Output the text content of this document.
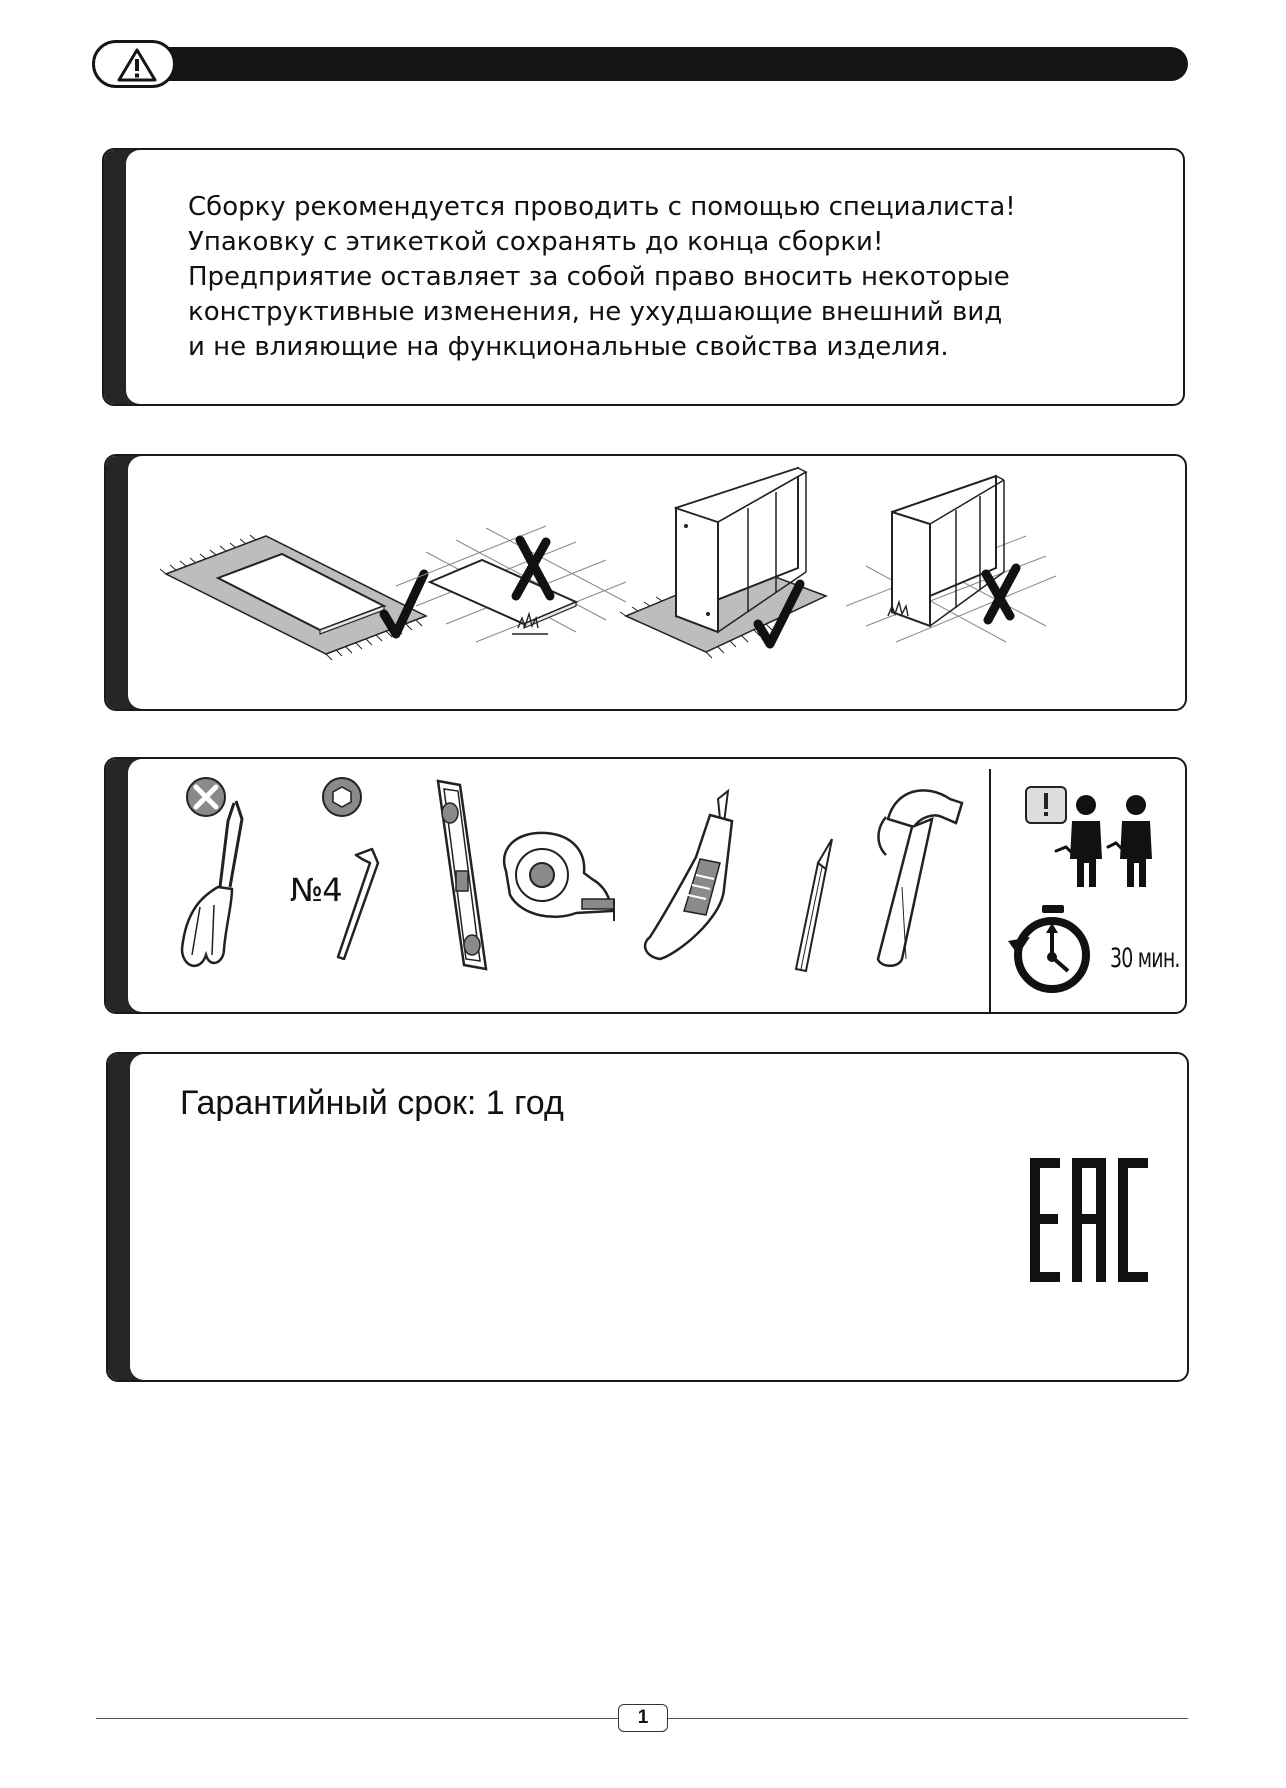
Сборку рекомендуется проводить с помощью специалиста!
Упаковку с этикеткой сохранять до конца сборки!
Предприятие оставляет за собой право вносить некоторые
конструктивные изменения, не ухудшающие внешний вид
и не влияющие на функциональные свойства изделия.
№4
30 мин.
Гарантийный срок: 1 год
1
